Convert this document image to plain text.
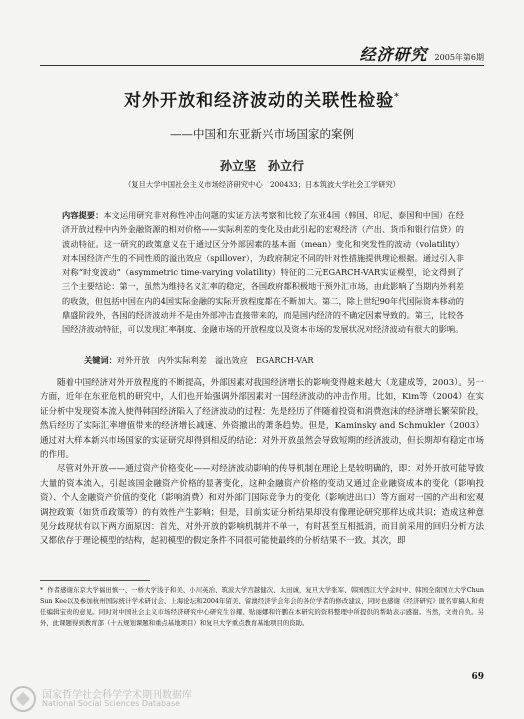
经济研究 2005年第6期
对外开放和经济波动的关联性检验*
——中国和东亚新兴市场国家的案例
孙立坚　孙立行
（复旦大学中国社会主义市场经济研究中心　200433；日本筑波大学社会工学研究）
内容提要：本文运用研究非对称性冲击问题的实证方法考察和比较了东亚4国（韩国、印尼、泰国和中国）在经济开放过程中内外金融资源的相对价格——实际利差的变化及由此引起的宏观经济（产出、货币和银行信贷）的波动特征。这一研究的政策意义在于通过区分外部因素的基本面（mean）变化和突发性的波动（volatility）对本国经济产生的不同性质的溢出效应（spillover），为政府制定不同的针对性措施提供理论根据。通过引入非对称“时变波动”（asymmetric time-varying volatility）特征的二元EGARCH-VAR实证模型，论文得到了三个主要结论：第一，虽然为维持名义汇率的稳定，各国政府都积极地干预外汇市场，由此影响了当期内外利差的收敛，但包括中国在内的4国实际金融的实际开放程度都在不断加大。第二，除上世纪90年代国际资本移动的鼎盛阶段外，各国的经济波动并不是由外部冲击直接带来的，而是国内经济的不确定因素导致的。第三，比较各国经济波动特征，可以发现汇率制度、金融市场的开放程度以及资本市场的发展状况对经济波动有很大的影响。
关键词：对外开放　内外实际利差　溢出效应　EGARCH-VAR

随着中国经济对外开放程度的不断提高，外部因素对我国经济增长的影响变得越来越大（龙建成等，2003）。另一方面，近年在东亚危机的研究中，人们也开始强调外部因素对一国经济波动的冲击作用。比如，Kim等（2004）在实证分析中发现资本流入使得韩国经济陷入了经济波动的过程：先是经历了伴随着投资和消费泡沫的经济增长繁荣阶段，然后经历了实际汇率增值带来的经济增长减速、外资撤出的萧条趋势。但是，Kaminsky and Schmukler（2003）通过对大样本新兴市场国家的实证研究却得到相反的结论：对外开放虽然会导致短期的经济波动，但长期却有稳定市场的作用。

尽管对外开放——通过资产价格变化——对经济波动影响的传导机制在理论上是较明确的，即：对外开放可能导致大量的资本流入，引起该国金融资产价格的显著变化，这种金融资产价格的变动又通过企业融资成本的变化（影响投资）、个人金融资产价值的变化（影响消费）和对外部门国际竞争力的变化（影响进出口）等方面对一国的产出和宏观调控政策（如货币政策等）的有效性产生影响；但是，目前实证分析结果却没有像理论研究那样达成共识；造成这种意见分歧现状有以下两方面原因：首先，对外开放的影响机制并不单一，有时甚至互相抵消，而目前采用的回归分析方法又都依存于理论模型的结构，起初模型的假定条件不同很可能使最终的分析结果不一致。其次，即

* 作者感谢东京大学福田慎一、一桥大学浅子和美、小川英治、筑波大学宫越健次、太田诚，复旦大学张军、韩国西江大学金时中、韩国全南国立大学Chun Sun Kee以及参加杭州国际统计学术研讨会、上海论坛和2004年留美、留澳经济学会年会的各位学者的修改建议，同时也感谢《经济研究》匿名审稿人和责任编辑宝贵的意见。同时对中国社会主义市场经济研究中心研究生谷耀、贴丽娜和许鹏在本研究的资料整理中所提供的帮助表示感谢。当然，文责自负。另外，此课题得到教育部（十五规划课题和重点基地项目）和复旦大学重点教育基地项目的资助。
69
国家哲学社会科学学术期刊数据库
National Social Sciences Database
